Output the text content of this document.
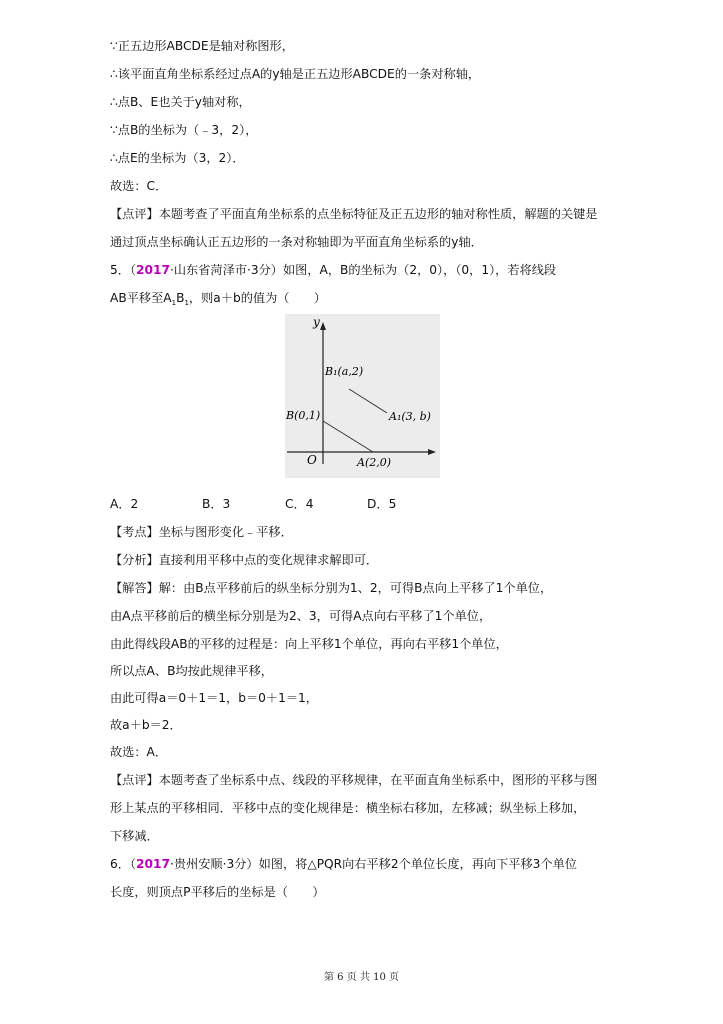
∵正五边形ABCDE是轴对称图形，
∴该平面直角坐标系经过点A的y轴是正五边形ABCDE的一条对称轴，
∴点B、E也关于y轴对称，
∵点B的坐标为（﹣3，2），
∴点E的坐标为（3，2）．
故选：C．
【点评】本题考查了平面直角坐标系的点坐标特征及正五边形的轴对称性质，解题的关键是
通过顶点坐标确认正五边形的一条对称轴即为平面直角坐标系的y轴．
5．（2017·山东省菏泽市·3分）如图，A，B的坐标为（2，0），（0，1），若将线段
AB平移至$A_1B_1$，则a＋b的值为（　　）
y
O
B₁(a,2)
A₁(3, b)
B(0,1)
A(2,0)
A．2	B．3	C．4	D．5
【考点】坐标与图形变化﹣平移．
【分析】直接利用平移中点的变化规律求解即可．
【解答】解：由B点平移前后的纵坐标分别为1、2，可得B点向上平移了1个单位，
由A点平移前后的横坐标分别是为2、3，可得A点向右平移了1个单位，
由此得线段AB的平移的过程是：向上平移1个单位，再向右平移1个单位，
所以点A、B均按此规律平移，
由此可得a＝0＋1＝1，b＝0＋1＝1，
故a＋b＝2．
故选：A．
【点评】本题考查了坐标系中点、线段的平移规律，在平面直角坐标系中，图形的平移与图
形上某点的平移相同．平移中点的变化规律是：横坐标右移加，左移减；纵坐标上移加，
下移减．
6．（2017·贵州安顺·3分）如图，将△PQR向右平移2个单位长度，再向下平移3个单位
长度，则顶点P平移后的坐标是（　　）
第 6 页 共 10 页
